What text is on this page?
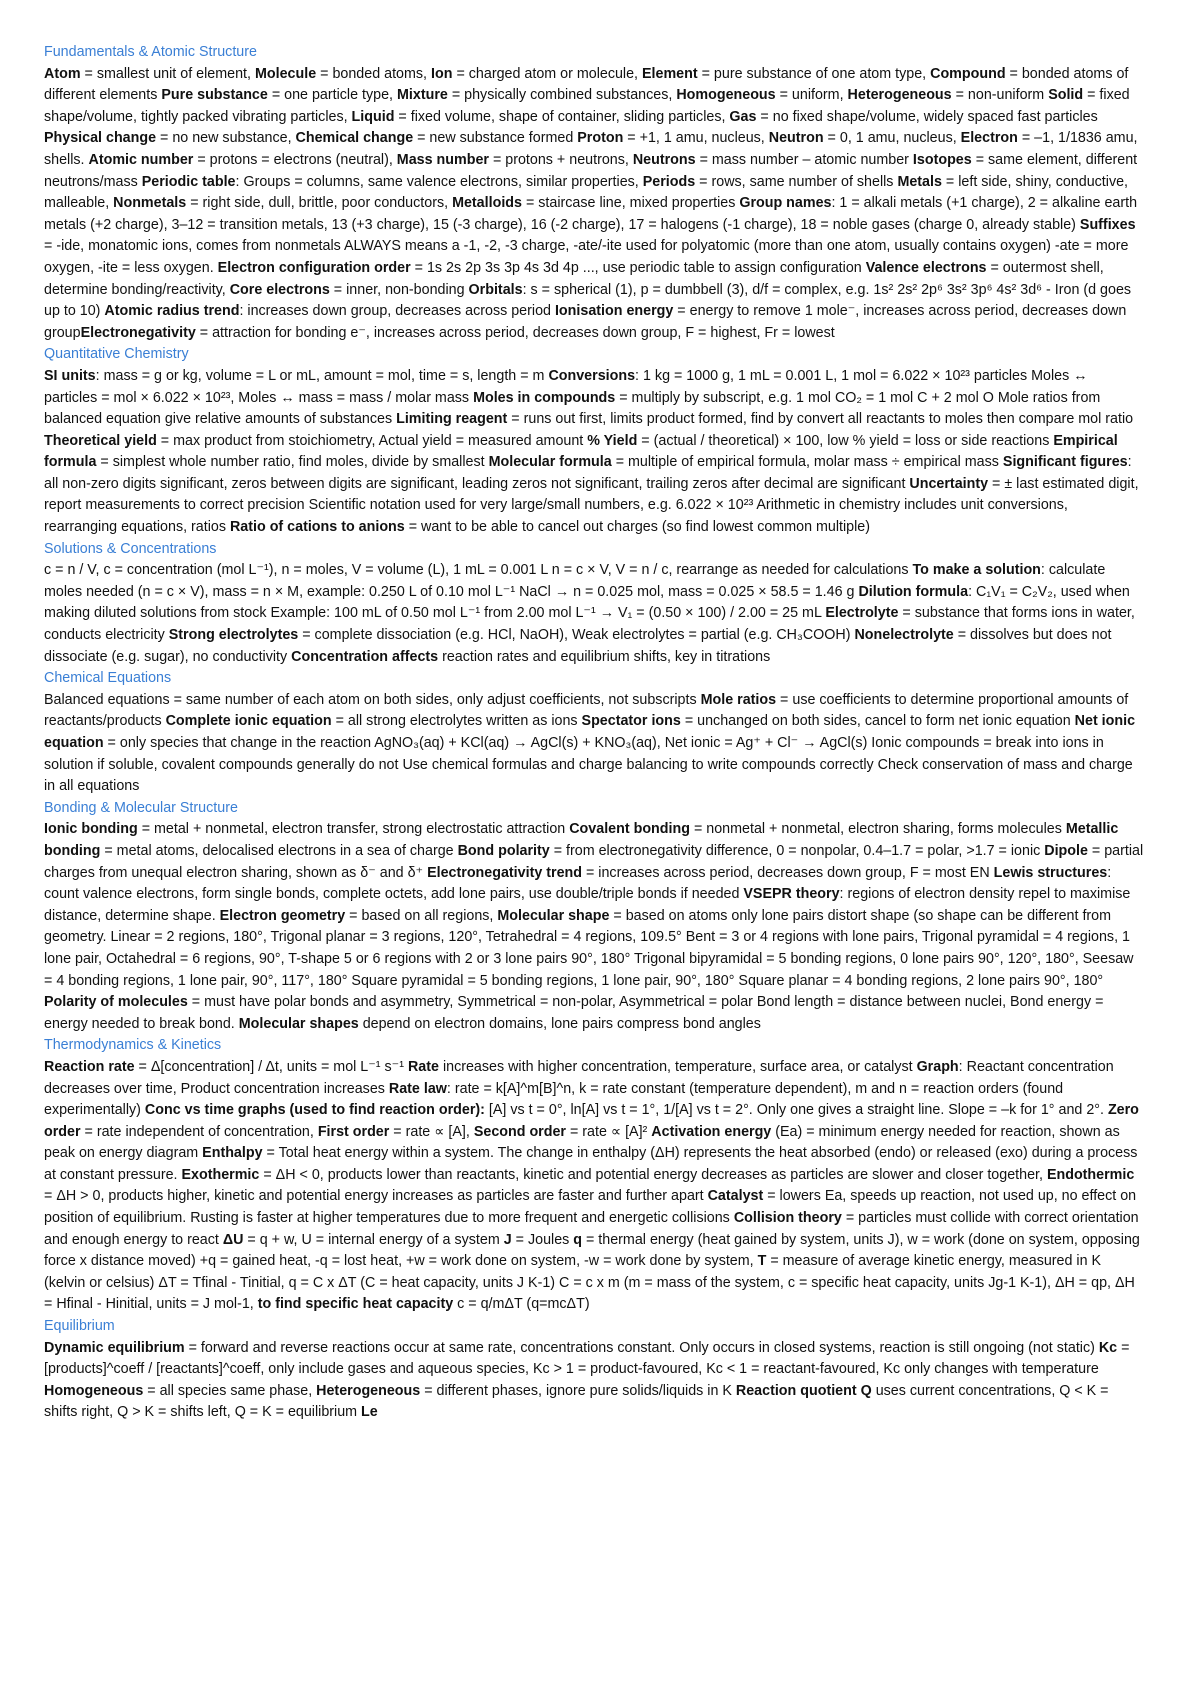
Fundamentals & Atomic Structure
Atom = smallest unit of element, Molecule = bonded atoms, Ion = charged atom or molecule, Element = pure substance of one atom type, Compound = bonded atoms of different elements Pure substance = one particle type, Mixture = physically combined substances, Homogeneous = uniform, Heterogeneous = non-uniform Solid = fixed shape/volume, tightly packed vibrating particles, Liquid = fixed volume, shape of container, sliding particles, Gas = no fixed shape/volume, widely spaced fast particles Physical change = no new substance, Chemical change = new substance formed Proton = +1, 1 amu, nucleus, Neutron = 0, 1 amu, nucleus, Electron = –1, 1/1836 amu, shells. Atomic number = protons = electrons (neutral), Mass number = protons + neutrons, Neutrons = mass number – atomic number Isotopes = same element, different neutrons/mass Periodic table: Groups = columns, same valence electrons, similar properties, Periods = rows, same number of shells Metals = left side, shiny, conductive, malleable, Nonmetals = right side, dull, brittle, poor conductors, Metalloids = staircase line, mixed properties Group names: 1 = alkali metals (+1 charge), 2 = alkaline earth metals (+2 charge), 3–12 = transition metals, 13 (+3 charge), 15 (-3 charge), 16 (-2 charge), 17 = halogens (-1 charge), 18 = noble gases (charge 0, already stable) Suffixes = -ide, monatomic ions, comes from nonmetals ALWAYS means a -1, -2, -3 charge, -ate/-ite used for polyatomic (more than one atom, usually contains oxygen) -ate = more oxygen, -ite = less oxygen. Electron configuration order = 1s 2s 2p 3s 3p 4s 3d 4p ..., use periodic table to assign configuration Valence electrons = outermost shell, determine bonding/reactivity, Core electrons = inner, non-bonding Orbitals: s = spherical (1), p = dumbbell (3), d/f = complex, e.g. 1s² 2s² 2p⁶ 3s² 3p⁶ 4s² 3d⁶ - Iron (d goes up to 10) Atomic radius trend: increases down group, decreases across period Ionisation energy = energy to remove 1 mole⁻, increases across period, decreases down groupElectronegativity = attraction for bonding e⁻, increases across period, decreases down group, F = highest, Fr = lowest
Quantitative Chemistry
SI units: mass = g or kg, volume = L or mL, amount = mol, time = s, length = m Conversions: 1 kg = 1000 g, 1 mL = 0.001 L, 1 mol = 6.022 × 10²³ particles Moles ↔ particles = mol × 6.022 × 10²³, Moles ↔ mass = mass / molar mass Moles in compounds = multiply by subscript, e.g. 1 mol CO₂ = 1 mol C + 2 mol O Mole ratios from balanced equation give relative amounts of substances Limiting reagent = runs out first, limits product formed, find by convert all reactants to moles then compare mol ratio Theoretical yield = max product from stoichiometry, Actual yield = measured amount % Yield = (actual / theoretical) × 100, low % yield = loss or side reactions Empirical formula = simplest whole number ratio, find moles, divide by smallest Molecular formula = multiple of empirical formula, molar mass ÷ empirical mass Significant figures: all non-zero digits significant, zeros between digits are significant, leading zeros not significant, trailing zeros after decimal are significant Uncertainty = ± last estimated digit, report measurements to correct precision Scientific notation used for very large/small numbers, e.g. 6.022 × 10²³ Arithmetic in chemistry includes unit conversions, rearranging equations, ratios Ratio of cations to anions = want to be able to cancel out charges (so find lowest common multiple)
Solutions & Concentrations
c = n / V, c = concentration (mol L⁻¹), n = moles, V = volume (L), 1 mL = 0.001 L n = c × V, V = n / c, rearrange as needed for calculations To make a solution: calculate moles needed (n = c × V), mass = n × M, example: 0.250 L of 0.10 mol L⁻¹ NaCl → n = 0.025 mol, mass = 0.025 × 58.5 = 1.46 g Dilution formula: C₁V₁ = C₂V₂, used when making diluted solutions from stock Example: 100 mL of 0.50 mol L⁻¹ from 2.00 mol L⁻¹ → V₁ = (0.50 × 100) / 2.00 = 25 mL Electrolyte = substance that forms ions in water, conducts electricity Strong electrolytes = complete dissociation (e.g. HCl, NaOH), Weak electrolytes = partial (e.g. CH₃COOH) Nonelectrolyte = dissolves but does not dissociate (e.g. sugar), no conductivity Concentration affects reaction rates and equilibrium shifts, key in titrations
Chemical Equations
Balanced equations = same number of each atom on both sides, only adjust coefficients, not subscripts Mole ratios = use coefficients to determine proportional amounts of reactants/products Complete ionic equation = all strong electrolytes written as ions Spectator ions = unchanged on both sides, cancel to form net ionic equation Net ionic equation = only species that change in the reaction AgNO₃(aq) + KCl(aq) → AgCl(s) + KNO₃(aq), Net ionic = Ag⁺ + Cl⁻ → AgCl(s) Ionic compounds = break into ions in solution if soluble, covalent compounds generally do not Use chemical formulas and charge balancing to write compounds correctly Check conservation of mass and charge in all equations
Bonding & Molecular Structure
Ionic bonding = metal + nonmetal, electron transfer, strong electrostatic attraction Covalent bonding = nonmetal + nonmetal, electron sharing, forms molecules Metallic bonding = metal atoms, delocalised electrons in a sea of charge Bond polarity = from electronegativity difference, 0 = nonpolar, 0.4–1.7 = polar, >1.7 = ionic Dipole = partial charges from unequal electron sharing, shown as δ⁻ and δ⁺ Electronegativity trend = increases across period, decreases down group, F = most EN Lewis structures: count valence electrons, form single bonds, complete octets, add lone pairs, use double/triple bonds if needed VSEPR theory: regions of electron density repel to maximise distance, determine shape. Electron geometry = based on all regions, Molecular shape = based on atoms only lone pairs distort shape (so shape can be different from geometry. Linear = 2 regions, 180°, Trigonal planar = 3 regions, 120°, Tetrahedral = 4 regions, 109.5° Bent = 3 or 4 regions with lone pairs, Trigonal pyramidal = 4 regions, 1 lone pair, Octahedral = 6 regions, 90°, T-shape 5 or 6 regions with 2 or 3 lone pairs 90°, 180° Trigonal bipyramidal = 5 bonding regions, 0 lone pairs 90°, 120°, 180°, Seesaw = 4 bonding regions, 1 lone pair, 90°, 117°, 180° Square pyramidal = 5 bonding regions, 1 lone pair, 90°, 180° Square planar = 4 bonding regions, 2 lone pairs 90°, 180° Polarity of molecules = must have polar bonds and asymmetry, Symmetrical = non-polar, Asymmetrical = polar Bond length = distance between nuclei, Bond energy = energy needed to break bond. Molecular shapes depend on electron domains, lone pairs compress bond angles
Thermodynamics & Kinetics
Reaction rate = Δ[concentration] / Δt, units = mol L⁻¹ s⁻¹ Rate increases with higher concentration, temperature, surface area, or catalyst Graph: Reactant concentration decreases over time, Product concentration increases Rate law: rate = k[A]^m[B]^n, k = rate constant (temperature dependent), m and n = reaction orders (found experimentally) Conc vs time graphs (used to find reaction order): [A] vs t = 0°, ln[A] vs t = 1°, 1/[A] vs t = 2°. Only one gives a straight line. Slope = –k for 1° and 2°. Zero order = rate independent of concentration, First order = rate ∝ [A], Second order = rate ∝ [A]² Activation energy (Ea) = minimum energy needed for reaction, shown as peak on energy diagram Enthalpy = Total heat energy within a system. The change in enthalpy (ΔH) represents the heat absorbed (endo) or released (exo) during a process at constant pressure. Exothermic = ΔH < 0, products lower than reactants, kinetic and potential energy decreases as particles are slower and closer together, Endothermic = ΔH > 0, products higher, kinetic and potential energy increases as particles are faster and further apart Catalyst = lowers Ea, speeds up reaction, not used up, no effect on position of equilibrium. Rusting is faster at higher temperatures due to more frequent and energetic collisions Collision theory = particles must collide with correct orientation and enough energy to react ΔU = q + w, U = internal energy of a system J = Joules q = thermal energy (heat gained by system, units J), w = work (done on system, opposing force x distance moved) +q = gained heat, -q = lost heat, +w = work done on system, -w = work done by system, T = measure of average kinetic energy, measured in K (kelvin or celsius) ΔT = Tfinal - Tinitial, q = C x ΔT (C = heat capacity, units J K-1) C = c x m (m = mass of the system, c = specific heat capacity, units Jg-1 K-1), ΔH = qp, ΔH = Hfinal - Hinitial, units = J mol-1, to find specific heat capacity c = q/mΔT (q=mcΔT)
Equilibrium
Dynamic equilibrium = forward and reverse reactions occur at same rate, concentrations constant. Only occurs in closed systems, reaction is still ongoing (not static) Kc = [products]^coeff / [reactants]^coeff, only include gases and aqueous species, Kc > 1 = product-favoured, Kc < 1 = reactant-favoured, Kc only changes with temperature Homogeneous = all species same phase, Heterogeneous = different phases, ignore pure solids/liquids in K Reaction quotient Q uses current concentrations, Q < K = shifts right, Q > K = shifts left, Q = K = equilibrium Le
